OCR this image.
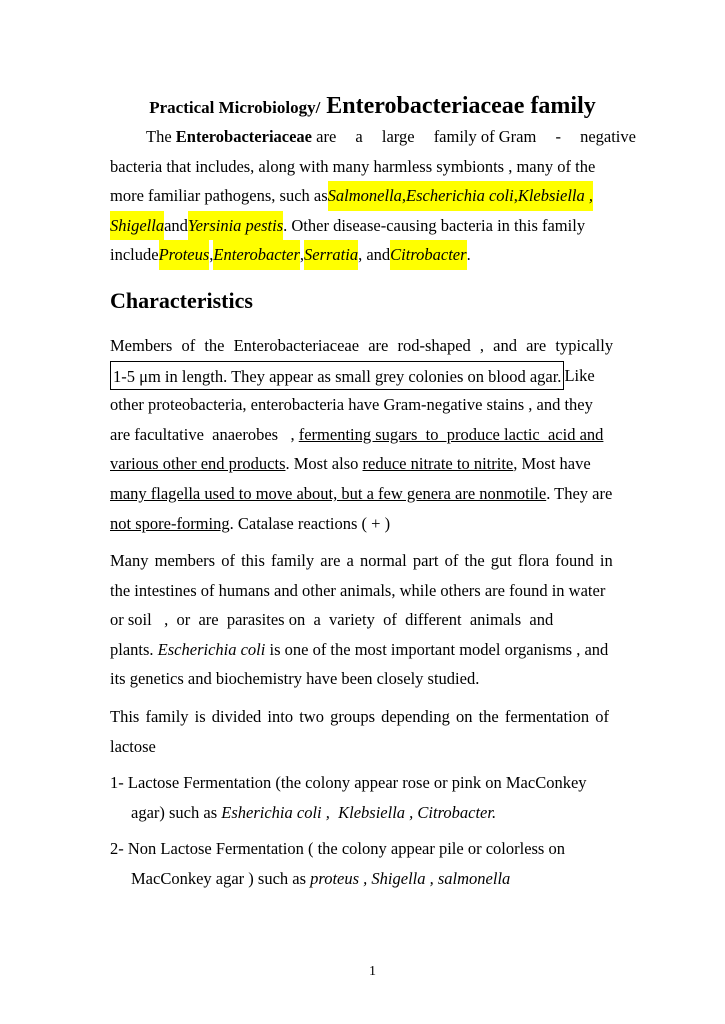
Practical Microbiology/ Enterobacteriaceae family
The Enterobacteriaceae are a large family of Gram - negative
bacteria that includes, along with many harmless symbionts , many of the
more familiar pathogens, such as Salmonella , Escherichia coli , Klebsiella ,
Shigella and Yersinia pestis . Other disease-causing bacteria in this family
include Proteus , Enterobacter , Serratia , and Citrobacter .
Characteristics
Members of the Enterobacteriaceae are rod-shaped , and are typically
1-5 μm in length. They appear as small grey colonies on blood agar. Like
other proteobacteria, enterobacteria have Gram-negative stains , and they
are facultative  anaerobes   , fermenting sugars  to  produce lactic  acid and
various other end products . Most also reduce nitrate to nitrite , Most have
many flagella used to move about, but a few genera are nonmotile . They are
not spore-forming . Catalase reactions ( + )
Many members of this family are a normal part of the gut flora found in
the intestines of humans and other animals, while others are found in water
or soil   ,  or  are  parasites on  a  variety  of  different  animals  and
plants. Escherichia coli is one of the most important model organisms , and
its genetics and biochemistry have been closely studied.
This family is divided into two groups depending on the fermentation of
lactose
1- Lactose Fermentation (the colony appear rose or pink on MacConkey
agar) such as Esherichia coli ,  Klebsiella , Citrobacter.
2- Non Lactose Fermentation ( the colony appear pile or colorless on
MacConkey agar ) such as proteus , Shigella , salmonella
1
